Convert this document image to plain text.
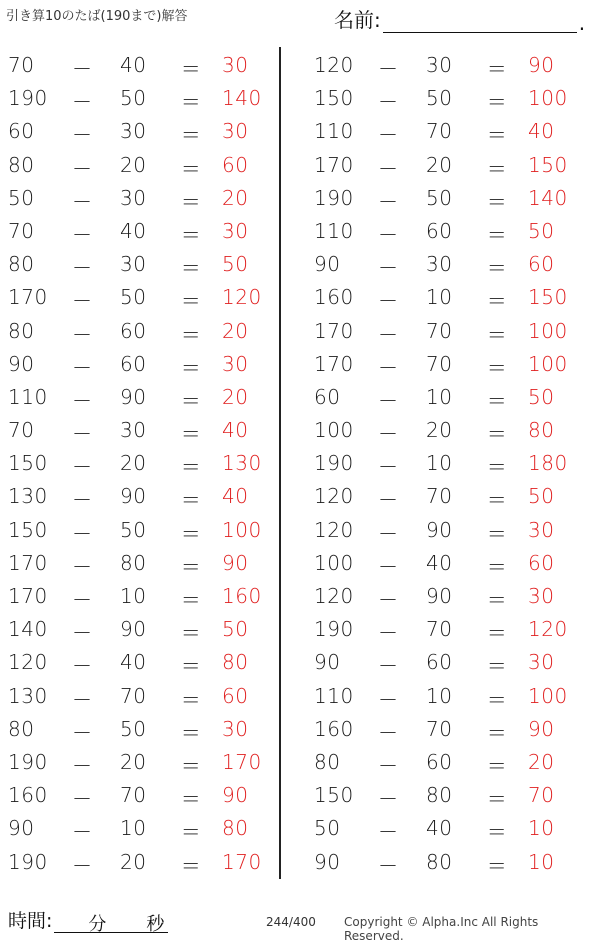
引き算10のたば(190まで)解答	名前:	.
70	－ 40	＝ 30
190	－ 50	＝ 140
60	－ 30	＝ 30
80	－ 20	＝ 60
50	－ 30	＝ 20
70	－ 40	＝ 30
80	－ 30	＝ 50
170	－ 50	＝ 120
80	－ 60	＝ 20
90	－ 60	＝ 30
110	－ 90	＝ 20
70	－ 30	＝ 40
150	－ 20	＝ 130
130	－ 90	＝ 40
150	－ 50	＝ 100
170	－ 80	＝ 90
170	－ 10	＝ 160
140	－ 90	＝ 50
120	－ 40	＝ 80
130	－ 70	＝ 60
80	－ 50	＝ 30
190	－ 20	＝ 170
160	－ 70	＝ 90
90	－ 10	＝ 80
190	－ 20	＝ 170
120	－ 30	＝ 90
150	－ 50	＝ 100
110	－ 70	＝ 40
170	－ 20	＝ 150
190	－ 50	＝ 140
110	－ 60	＝ 50
90	－ 30	＝ 60
160	－ 10	＝ 150
170	－ 70	＝ 100
170	－ 70	＝ 100
60	－ 10	＝ 50
100	－ 20	＝ 80
190	－ 10	＝ 180
120	－ 70	＝ 50
120	－ 90	＝ 30
100	－ 40	＝ 60
120	－ 90	＝ 30
190	－ 70	＝ 120
90	－ 60	＝ 30
110	－ 10	＝ 100
160	－ 70	＝ 90
80	－ 60	＝ 20
150	－ 80	＝ 70
50	－ 40	＝ 10
90	－ 80	＝ 10
時間: 分 秒	244/400 Copyright © Alpha.Inc All Rights Reserved.
